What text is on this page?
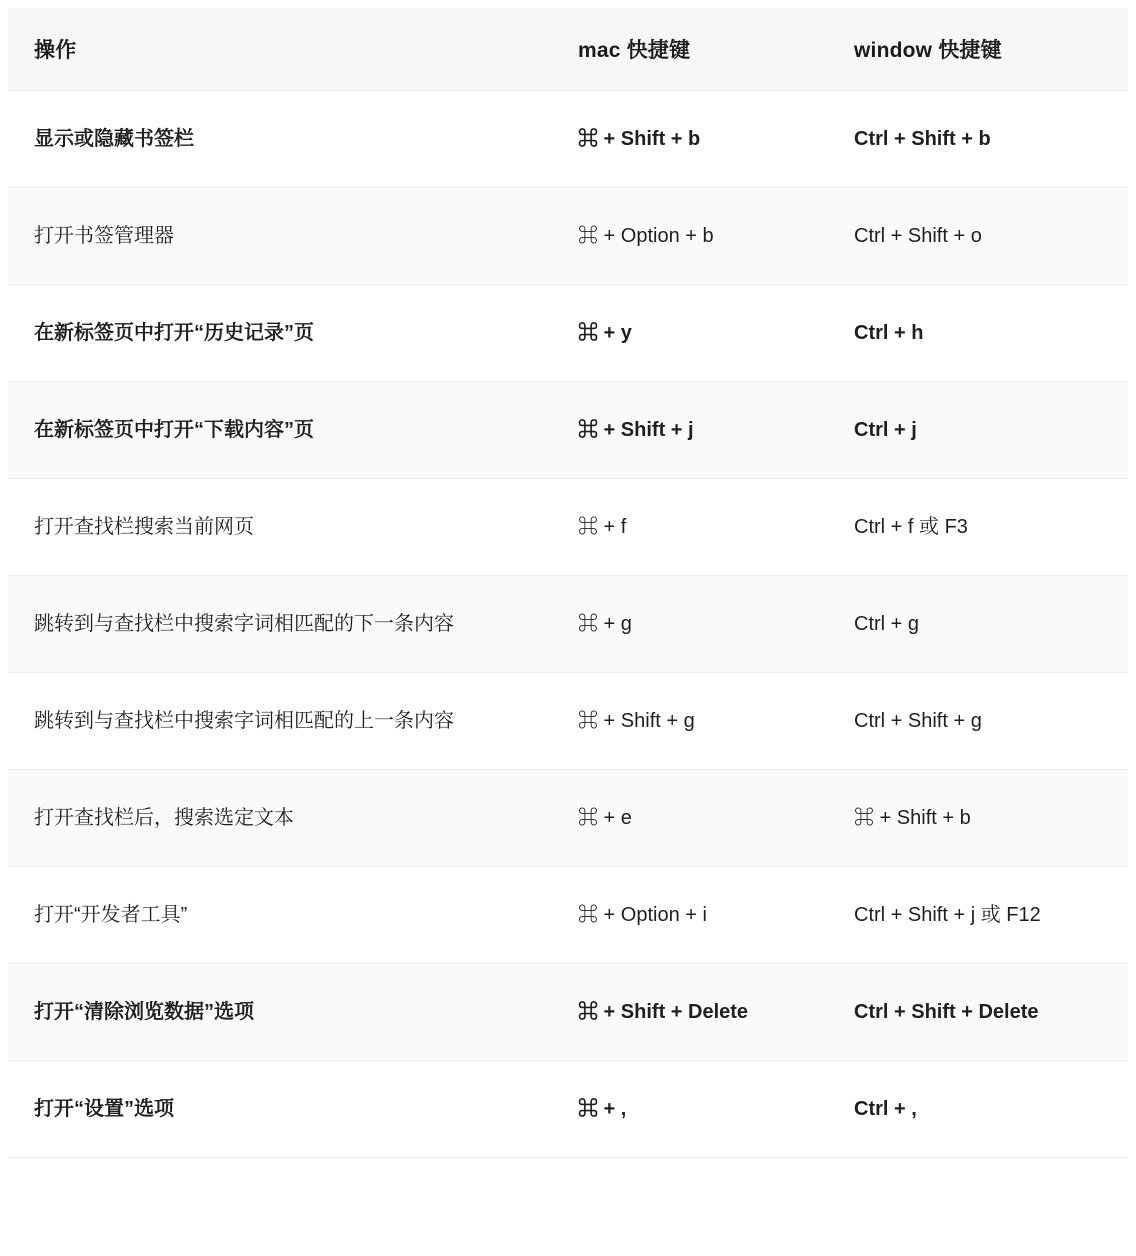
操作	mac 快捷键	window 快捷键
显示或隐藏书签栏	⌘ + Shift + b	Ctrl + Shift + b
打开书签管理器	⌘ + Option + b	Ctrl + Shift + o
在新标签页中打开“历史记录”页	⌘ + y	Ctrl + h
在新标签页中打开“下载内容”页	⌘ + Shift + j	Ctrl + j
打开查找栏搜索当前网页	⌘ + f	Ctrl + f 或 F3
跳转到与查找栏中搜索字词相匹配的下一条内容	⌘ + g	Ctrl + g
跳转到与查找栏中搜索字词相匹配的上一条内容	⌘ + Shift + g	Ctrl + Shift + g
打开查找栏后，搜索选定文本	⌘ + e	⌘ + Shift + b
打开“开发者工具”	⌘ + Option + i	Ctrl + Shift + j 或 F12
打开“清除浏览数据”选项	⌘ + Shift + Delete	Ctrl + Shift + Delete
打开“设置”选项	⌘ + ,	Ctrl + ,
